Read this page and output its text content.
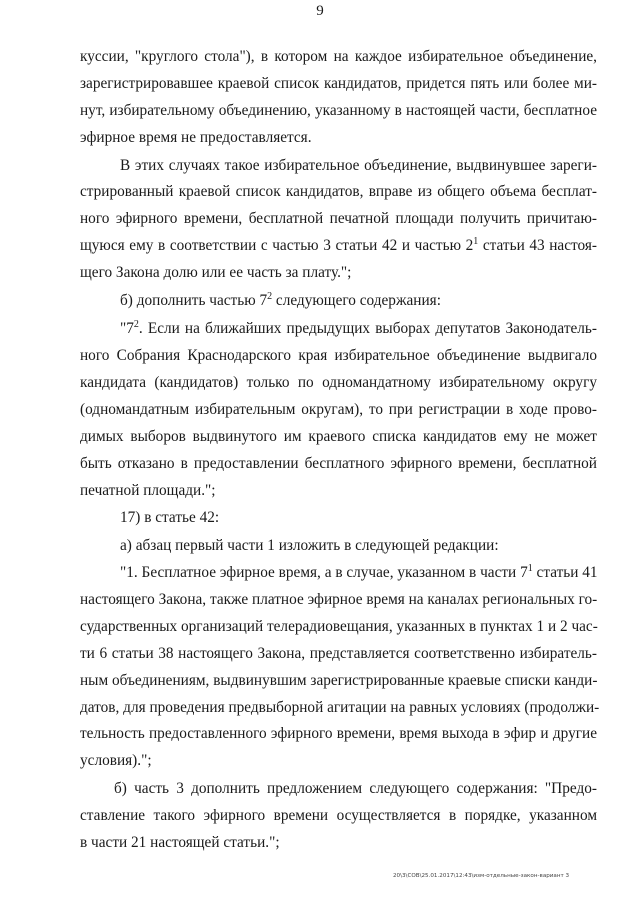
9
куссии, "круглого стола"), в котором на каждое избирательное объединение,
зарегистрировавшее краевой список кандидатов, придется пять или более ми-
нут, избирательному объединению, указанному в настоящей части, бесплатное
эфирное время не предоставляется.
В этих случаях такое избирательное объединение, выдвинувшее зареги-
стрированный краевой список кандидатов, вправе из общего объема бесплат-
ного эфирного времени, бесплатной печатной площади получить причитаю-
щуюся ему в соответствии с частью 3 статьи 42 и частью $2^1$ статьи 43 настоя-
щего Закона долю или ее часть за плату.";
б) дополнить частью $7^2$ следующего содержания:
"$7^2$. Если на ближайших предыдущих выборах депутатов Законодатель-
ного Собрания Краснодарского края избирательное объединение выдвигало
кандидата (кандидатов) только по одномандатному избирательному округу
(одномандатным избирательным округам), то при регистрации в ходе прово-
димых выборов выдвинутого им краевого списка кандидатов ему не может
быть отказано в предоставлении бесплатного эфирного времени, бесплатной
печатной площади.";
17) в статье 42:
а) абзац первый части 1 изложить в следующей редакции:
"1. Бесплатное эфирное время, а в случае, указанном в части $7^1$ статьи 41
настоящего Закона, также платное эфирное время на каналах региональных го-
сударственных организаций телерадиовещания, указанных в пунктах 1 и 2 час-
ти 6 статьи 38 настоящего Закона, представляется соответственно избиратель-
ным объединениям, выдвинувшим зарегистрированные краевые списки канди-
датов, для проведения предвыборной агитации на равных условиях (продолжи-
тельность предоставленного эфирного времени, время выхода в эфир и другие
условия).";
б) часть 3 дополнить предложением следующего содержания: "Предо-
ставление такого эфирного времени осуществляется в порядке, указанном
в части 21 настоящей статьи.";
20\3\СОВ\25.01.2017\12:43\изм-отдельные-закон-вариант 3
